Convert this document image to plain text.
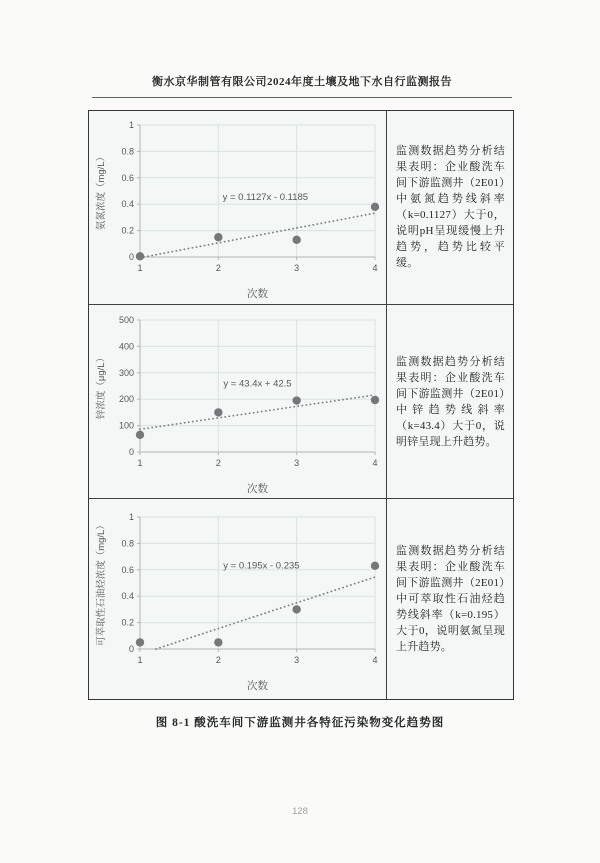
衡水京华制管有限公司2024年度土壤及地下水自行监测报告
0
0.2
0.4
0.6
0.8
1
1	2	3	4
y = 0.1127x - 0.1185
次数
氨氮浓度（mg/L）

监测数据趋势分析结果表明：企业酸洗车间下游监测井（2E01）中氨氮趋势线斜率（k=0.1127）大于0，说明pH呈现缓慢上升趋势，趋势比较平缓。

0
100
200
300
400
500
1	2	3	4
y = 43.4x + 42.5
次数
锌浓度（μg/L）	监测数据趋势分析结果表明：企业酸洗车间下游监测井（2E01）中锌趋势线斜率（k=43.4）大于0，说明锌呈现上升趋势。

0
0.2
0.4
0.6
0.8
1
1	2	3	4
y = 0.195x - 0.235
次数
可萃取性石油烃浓度（mg/L）	监测数据趋势分析结果表明：企业酸洗车间下游监测井（2E01）中可萃取性石油烃趋势线斜率（k=0.195）大于0，说明氨氮呈现上升趋势。

图 8-1 酸洗车间下游监测井各特征污染物变化趋势图
128
